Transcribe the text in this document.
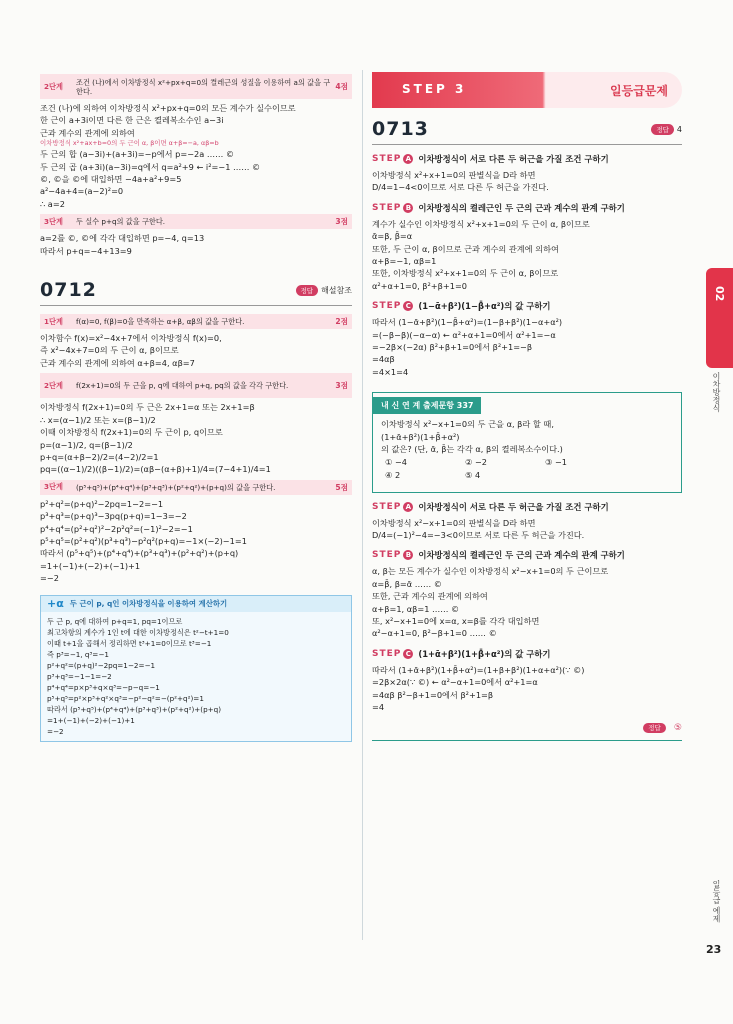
2단계	조건 (나)에서 이차방정식 x²+px+q=0의 켤레근의 성질을 이용하여 a의 값을 구한다.	4점
조건 (나)에 의하여 이차방정식 x²+px+q=0의 모든 계수가 실수이므로
한 근이 a+3i이면 다른 한 근은 켤레복소수인 a−3i
근과 계수의 관계에 의하여
이차방정식 x²+ax+b=0의 두 근이 α, β이면 α+β=−a, αβ=b
두 근의 합 (a−3i)+(a+3i)=−p에서 p=−2a …… ©
두 근의 곱 (a+3i)(a−3i)=q에서 q=a²+9 ← i²=−1 …… ©
©, ©을 ©에 대입하면 −4a+a²+9=5
a²−4a+4=(a−2)²=0
∴ a=2
3단계	두 실수 p+q의 값을 구한다.	3점
a=2를 ©, ©에 각각 대입하면 p=−4, q=13
따라서 p+q=−4+13=9
0712	정답	해설참조
1단계	f(α)=0, f(β)=0을 만족하는 α+β, αβ의 값을 구한다.	2점
이차함수 f(x)=x²−4x+7에서 이차방정식 f(x)=0,
즉 x²−4x+7=0의 두 근이 α, β이므로
근과 계수의 관계에 의하여 α+β=4, αβ=7
2단계	f(2x+1)=0의 두 근을 p, q에 대하여 p+q, pq의 값을 각각 구한다.	3점
이차방정식 f(2x+1)=0의 두 근은 2x+1=α 또는 2x+1=β
∴ x=(α−1)/2 또는 x=(β−1)/2
이때 이차방정식 f(2x+1)=0의 두 근이 p, q이므로
p=(α−1)/2, q=(β−1)/2
p+q=(α+β−2)/2=(4−2)/2=1
pq=((α−1)/2)((β−1)/2)=(αβ−(α+β)+1)/4=(7−4+1)/4=1
3단계	(p⁵+q⁵)+(p⁴+q⁴)+(p³+q³)+(p²+q²)+(p+q)의 값을 구한다.	5점
p²+q²=(p+q)²−2pq=1−2=−1
p³+q³=(p+q)³−3pq(p+q)=1−3=−2
p⁴+q⁴=(p²+q²)²−2p²q²=(−1)²−2=−1
p⁵+q⁵=(p²+q²)(p³+q³)−p²q²(p+q)=−1×(−2)−1=1
따라서 (p⁵+q⁵)+(p⁴+q⁴)+(p³+q³)+(p²+q²)+(p+q)
=1+(−1)+(−2)+(−1)+1
=−2
+α 두 근이 p, q인 이차방정식을 이용하여 계산하기
두 근 p, q에 대하여 p+q=1, pq=1이므로
최고차항의 계수가 1인 t에 대한 이차방정식은 t²−t+1=0
이때 t+1을 곱해서 정리하면 t³+1=0이므로 t³=−1
즉 p³=−1, q³=−1
p²+q²=(p+q)²−2pq=1−2=−1
p³+q³=−1−1=−2
p⁴+q⁴=p×p³+q×q³=−p−q=−1
p⁵+q⁵=p²×p³+q²×q³=−p²−q²=−(p²+q²)=1
따라서 (p⁵+q⁵)+(p⁴+q⁴)+(p³+q³)+(p²+q²)+(p+q)
=1+(−1)+(−2)+(−1)+1
=−2
STEP 3	일등급문제
0713	정답	4
STEP A 이차방정식이 서로 다른 두 허근을 가질 조건 구하기
이차방정식 x²+x+1=0의 판별식을 D라 하면
D/4=1−4<0이므로 서로 다른 두 허근을 가진다.
STEP B 이차방정식의 켤레근인 두 근의 근과 계수의 관계 구하기
계수가 실수인 이차방정식 x²+x+1=0의 두 근이 α, β이므로
ᾱ=β, β̄=α
또한, 두 근이 α, β이므로 근과 계수의 관계에 의하여
α+β=−1, αβ=1
또한, 이차방정식 x²+x+1=0의 두 근이 α, β이므로
α²+α+1=0, β²+β+1=0
STEP C (1−ᾱ+β²)(1−β̄+α²)의 값 구하기
따라서 (1−ᾱ+β²)(1−β̄+α²)=(1−β+β²)(1−α+α²)
=(−β−β)(−α−α) ← α²+α+1=0에서 α²+1=−α
=−2β×(−2α) β²+β+1=0에서 β²+1=−β
=4αβ
=4×1=4
내 신 연 계 출제문항 337
이차방정식 x²−x+1=0의 두 근을 α, β라 할 때,
(1+ᾱ+β²)(1+β̄+α²)
의 값은? (단, ᾱ, β̄는 각각 α, β의 켤레복소수이다.)
① −4	② −2	③ −1
④ 2	⑤ 4
STEP A 이차방정식이 서로 다른 두 허근을 가질 조건 구하기
이차방정식 x²−x+1=0의 판별식을 D라 하면
D/4=(−1)²−4=−3<0이므로 서로 다른 두 허근을 가진다.
STEP B 이차방정식의 켤레근인 두 근의 근과 계수의 관계 구하기
α, β는 모든 계수가 실수인 이차방정식 x²−x+1=0의 두 근이므로
α=β̄, β=ᾱ …… ©
또한, 근과 계수의 관계에 의하여
α+β=1, αβ=1 …… ©
또, x²−x+1=0에 x=α, x=β를 각각 대입하면
α²−α+1=0, β²−β+1=0 …… ©
STEP C (1+ᾱ+β²)(1+β̄+α²)의 값 구하기
따라서 (1+ᾱ+β²)(1+β̄+α²)=(1+β+β²)(1+α+α²)(∵ ©)
=2β×2α(∵ ©) ← α²−α+1=0에서 α²+1=α
=4αβ β²−β+1=0에서 β²+1=β
=4
정답 ⑤
02
이차방정식
일등급 예제
23
